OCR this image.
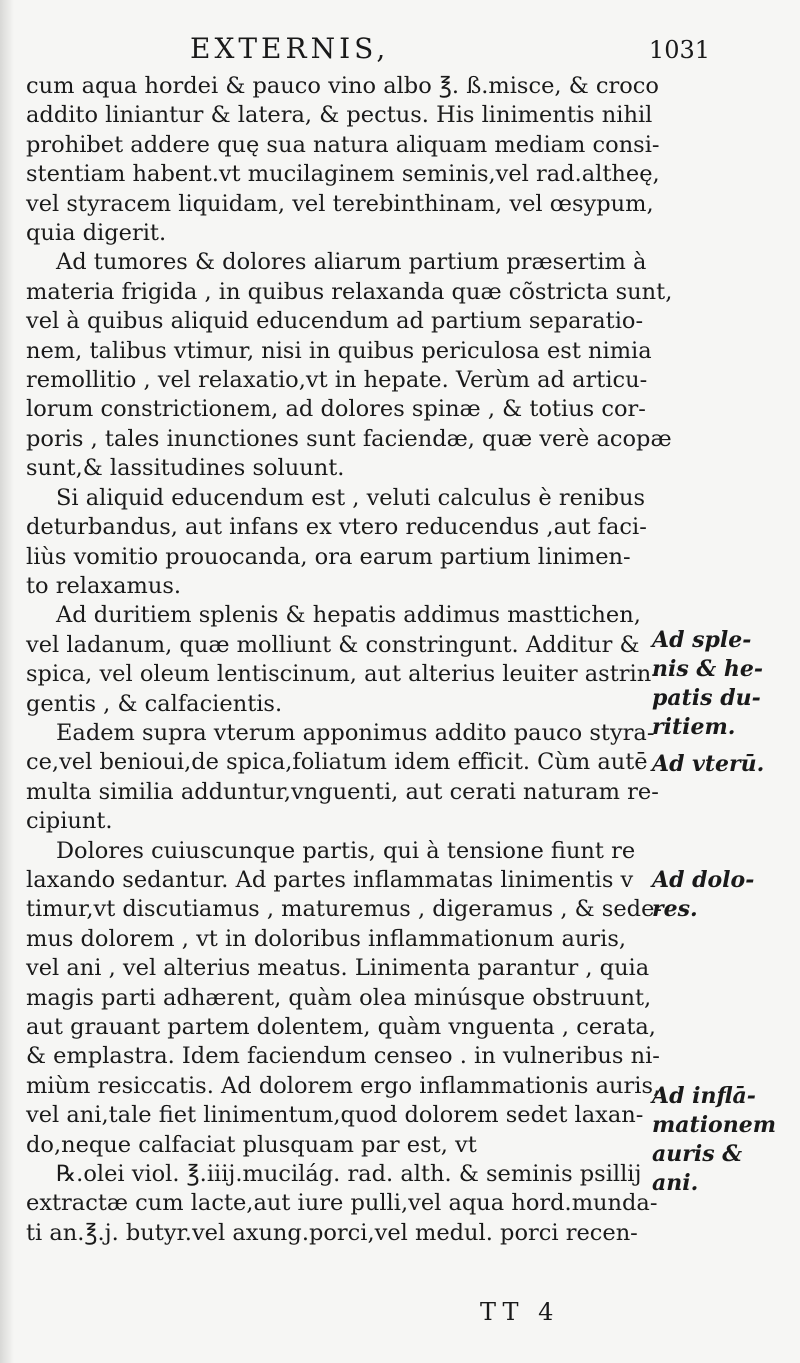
EXTERNIS,	1031

cum aqua hordei & pauco vino albo ℥. ß.misce, & croco
addito liniantur & latera, & pectus. His linimentis nihil
prohibet addere quę sua natura aliquam mediam consi-
stentiam habent.vt mucilaginem seminis,vel rad.altheę,
vel styracem liquidam, vel terebinthinam, vel œsypum,
quia digerit.

Ad tumores & dolores aliarum partium præsertim à
materia frigida , in quibus relaxanda quæ cõstricta sunt,
vel à quibus aliquid educendum ad partium separatio-
nem, talibus vtimur, nisi in quibus periculosa est nimia
remollitio , vel relaxatio,vt in hepate. Verùm ad articu-
lorum constrictionem, ad dolores spinæ , & totius cor-
poris , tales inunctiones sunt faciendæ, quæ verè acopæ
sunt,& lassitudines soluunt.

Si aliquid educendum est , veluti calculus è renibus
deturbandus, aut infans ex vtero reducendus ,aut faci-
liùs vomitio prouocanda, ora earum partium linimen-
to relaxamus.

Ad duritiem splenis & hepatis addimus masttichen,
vel ladanum, quæ molliunt & constringunt. Additur &
spica, vel oleum lentiscinum, aut alterius leuiter astrin-
gentis , & calfacientis.

Eadem supra vterum apponimus addito pauco styra-
ce,vel benioui,de spica,foliatum idem efficit. Cùm autē
multa similia adduntur,vnguenti, aut cerati naturam re-
cipiunt.

Dolores cuiuscunque partis, qui à tensione fiunt re
laxando sedantur. Ad partes inflammatas linimentis v
timur,vt discutiamus , maturemus , digeramus , & sede-
mus dolorem , vt in doloribus inflammationum auris,
vel ani , vel alterius meatus. Linimenta parantur , quia
magis parti adhærent, quàm olea minúsque obstruunt,
aut grauant partem dolentem, quàm vnguenta , cerata,
& emplastra. Idem faciendum censeo . in vulneribus ni-
miùm resiccatis. Ad dolorem ergo inflammationis auris,
vel ani,tale fiet linimentum,quod dolorem sedet laxan-
do,neque calfaciat plusquam par est, vt

℞.olei viol. ℥.iiij.mucilág. rad. alth. & seminis psillij
extractæ cum lacte,aut iure pulli,vel aqua hord.munda-
ti an.℥.j. butyr.vel axung.porci,vel medul. porci recen-

Ad sple-
nis & he-
patis du-
ritiem.
Ad vterū.
Ad dolo-
res.
Ad inflā-
mationem
auris &
ani.
TT 4
